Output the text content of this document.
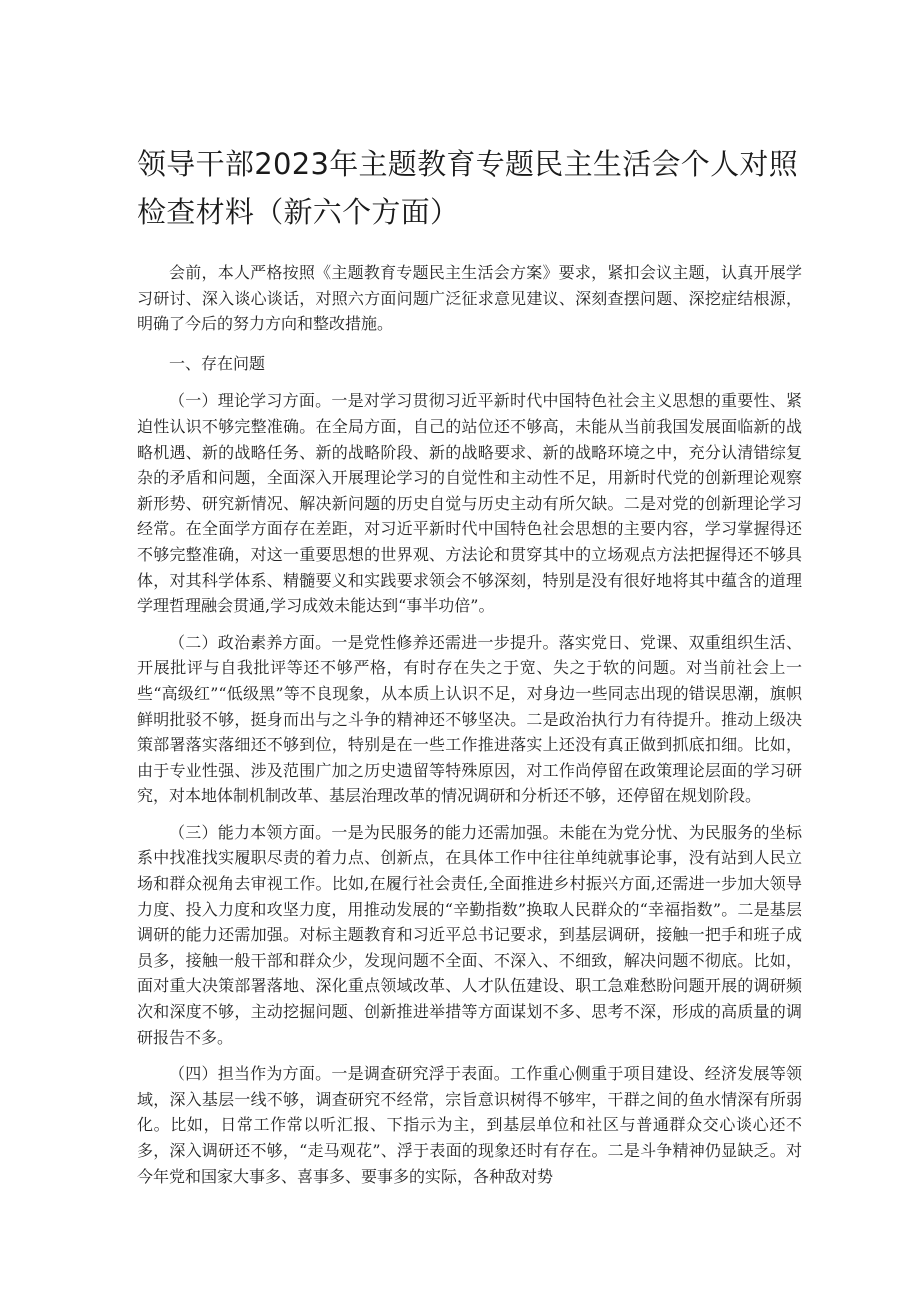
领导干部2023年主题教育专题民主生活会个人对照检查材料（新六个方面）

会前，本人严格按照《主题教育专题民主生活会方案》要求，紧扣会议主题，认真开展学习研讨、深入谈心谈话，对照六方面问题广泛征求意见建议、深刻查摆问题、深挖症结根源，明确了今后的努力方向和整改措施。

一、存在问题

（一）理论学习方面。一是对学习贯彻习近平新时代中国特色社会主义思想的重要性、紧迫性认识不够完整准确。在全局方面，自己的站位还不够高，未能从当前我国发展面临新的战略机遇、新的战略任务、新的战略阶段、新的战略要求、新的战略环境之中，充分认清错综复杂的矛盾和问题，全面深入开展理论学习的自觉性和主动性不足，用新时代党的创新理论观察新形势、研究新情况、解决新问题的历史自觉与历史主动有所欠缺。二是对党的创新理论学习经常。在全面学方面存在差距，对习近平新时代中国特色社会思想的主要内容，学习掌握得还不够完整准确，对这一重要思想的世界观、方法论和贯穿其中的立场观点方法把握得还不够具体，对其科学体系、精髓要义和实践要求领会不够深刻，特别是没有很好地将其中蕴含的道理学理哲理融会贯通,学习成效未能达到“事半功倍”。

（二）政治素养方面。一是党性修养还需进一步提升。落实党日、党课、双重组织生活、开展批评与自我批评等还不够严格，有时存在失之于宽、失之于软的问题。对当前社会上一些“高级红”“低级黑”等不良现象，从本质上认识不足，对身边一些同志出现的错误思潮，旗帜鲜明批驳不够，挺身而出与之斗争的精神还不够坚决。二是政治执行力有待提升。推动上级决策部署落实落细还不够到位，特别是在一些工作推进落实上还没有真正做到抓底扣细。比如，由于专业性强、涉及范围广加之历史遗留等特殊原因，对工作尚停留在政策理论层面的学习研究，对本地体制机制改革、基层治理改革的情况调研和分析还不够，还停留在规划阶段。

（三）能力本领方面。一是为民服务的能力还需加强。未能在为党分忧、为民服务的坐标系中找准找实履职尽责的着力点、创新点，在具体工作中往往单纯就事论事，没有站到人民立场和群众视角去审视工作。比如,在履行社会责任,全面推进乡村振兴方面,还需进一步加大领导力度、投入力度和攻坚力度，用推动发展的“辛勤指数”换取人民群众的“幸福指数”。二是基层调研的能力还需加强。对标主题教育和习近平总书记要求，到基层调研，接触一把手和班子成员多，接触一般干部和群众少，发现问题不全面、不深入、不细致，解决问题不彻底。比如，面对重大决策部署落地、深化重点领域改革、人才队伍建设、职工急难愁盼问题开展的调研频次和深度不够，主动挖掘问题、创新推进举措等方面谋划不多、思考不深，形成的高质量的调研报告不多。

（四）担当作为方面。一是调查研究浮于表面。工作重心侧重于项目建设、经济发展等领域，深入基层一线不够，调查研究不经常，宗旨意识树得不够牢，干群之间的鱼水情深有所弱化。比如，日常工作常以听汇报、下指示为主，到基层单位和社区与普通群众交心谈心还不多，深入调研还不够，“走马观花”、浮于表面的现象还时有存在。二是斗争精神仍显缺乏。对今年党和国家大事多、喜事多、要事多的实际，各种敌对势
